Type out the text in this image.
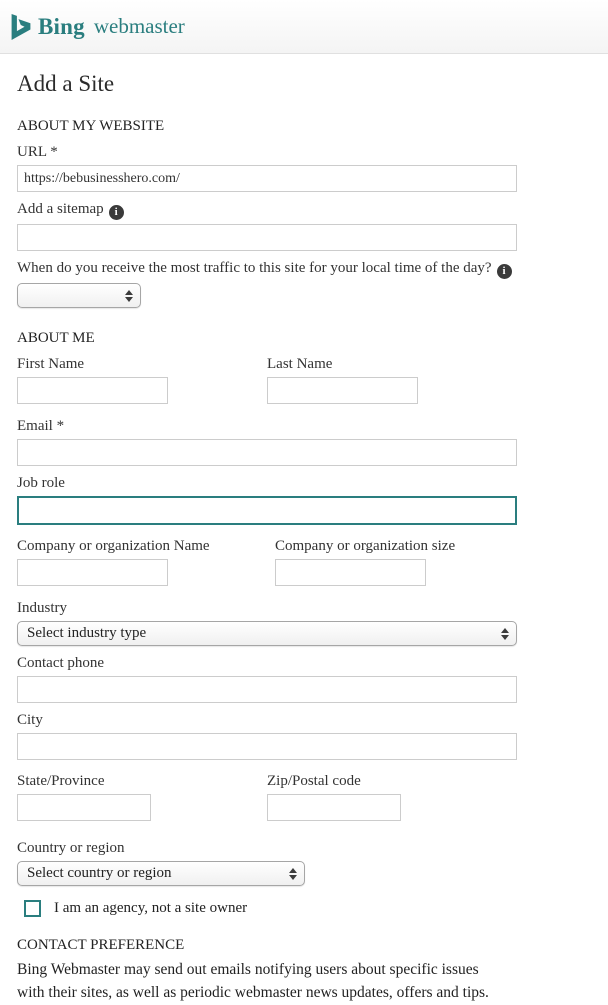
Bing webmaster
Add a Site
ABOUT MY WEBSITE
URL *
https://bebusinesshero.com/
Add a sitemap i
When do you receive the most traffic to this site for your local time of the day? i
ABOUT ME
First Name	Last Name
Email *
Job role
Company or organization Name	Company or organization size
Industry
Select industry type
Contact phone
City
State/Province	Zip/Postal code
Country or region
Select country or region
I am an agency, not a site owner
CONTACT PREFERENCE

Bing Webmaster may send out emails notifying users about specific issues with their sites, as well as periodic webmaster news updates, offers and tips.
